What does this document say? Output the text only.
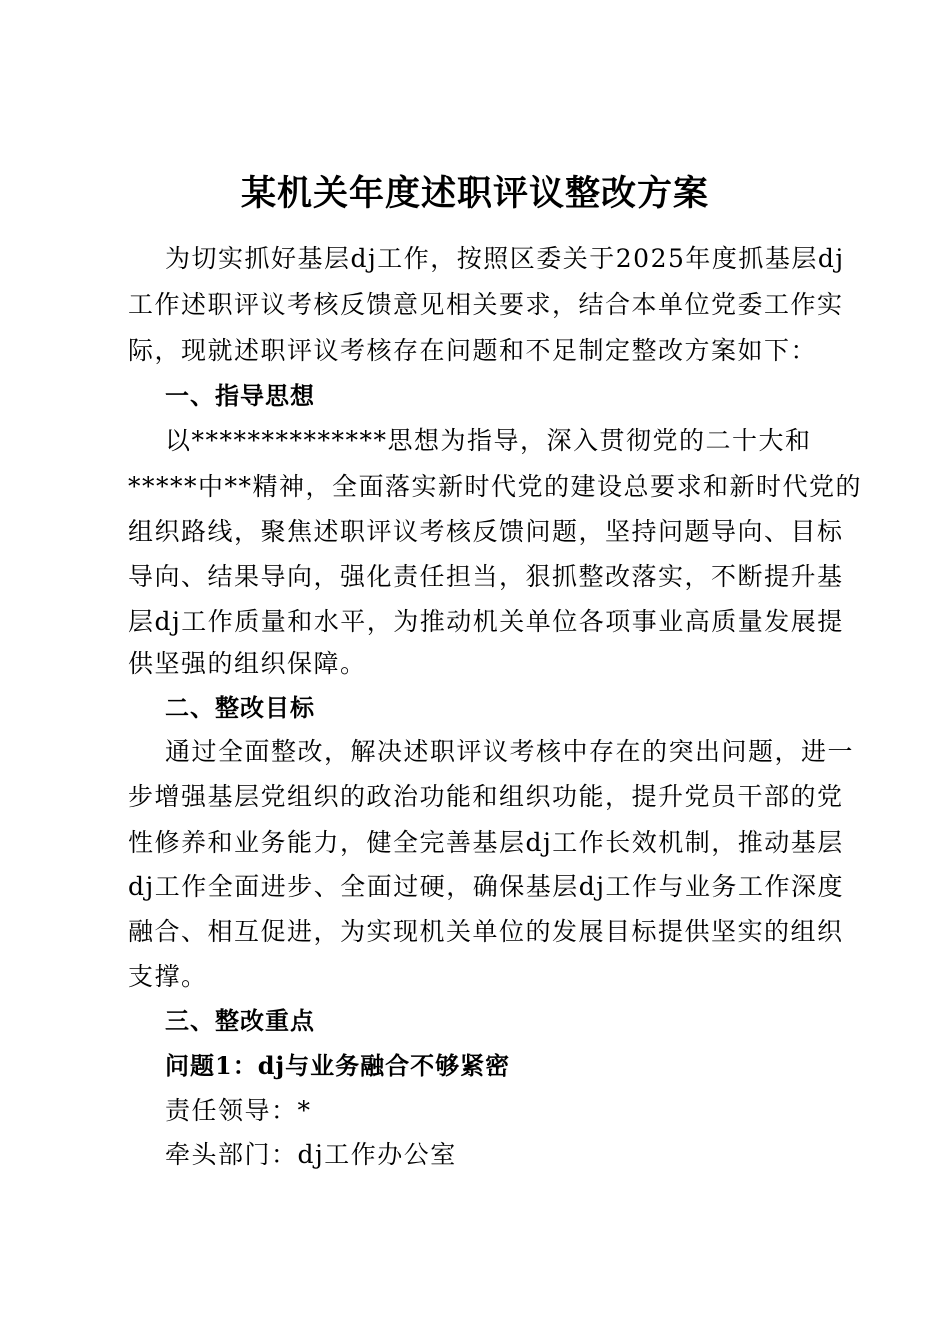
某机关年度述职评议整改方案
为切实抓好基层dj工作，按照区委关于2025年度抓基层dj
工作述职评议考核反馈意见相关要求，结合本单位党委工作实
际，现就述职评议考核存在问题和不足制定整改方案如下：
一、指导思想
以**************思想为指导，深入贯彻党的二十大和
*****中**精神，全面落实新时代党的建设总要求和新时代党的
组织路线，聚焦述职评议考核反馈问题，坚持问题导向、目标
导向、结果导向，强化责任担当，狠抓整改落实，不断提升基
层dj工作质量和水平，为推动机关单位各项事业高质量发展提
供坚强的组织保障。
二、整改目标
通过全面整改，解决述职评议考核中存在的突出问题，进一
步增强基层党组织的政治功能和组织功能，提升党员干部的党
性修养和业务能力，健全完善基层dj工作长效机制，推动基层
dj工作全面进步、全面过硬，确保基层dj工作与业务工作深度
融合、相互促进，为实现机关单位的发展目标提供坚实的组织
支撑。
三、整改重点
问题1：dj与业务融合不够紧密
责任领导：*
牵头部门：dj工作办公室
